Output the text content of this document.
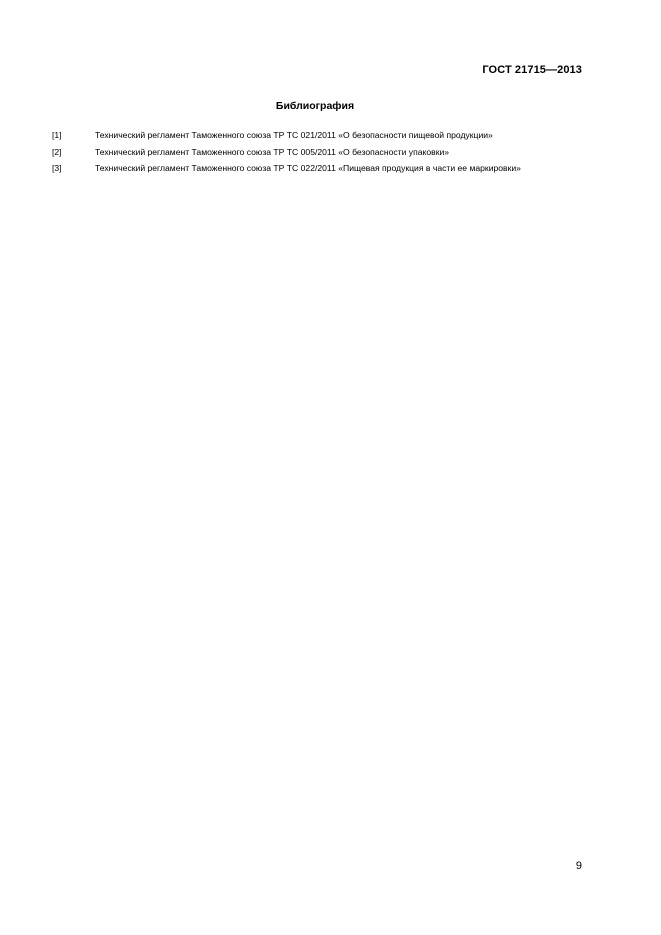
ГОСТ 21715—2013
Библиография
[1]	Технический регламент Таможенного союза ТР ТС 021/2011 «О безопасности пищевой продукции»
[2]	Технический регламент Таможенного союза ТР ТС 005/2011 «О безопасности упаковки»
[3]	Технический регламент Таможенного союза ТР ТС 022/2011 «Пищевая продукция в части ее маркировки»
9
